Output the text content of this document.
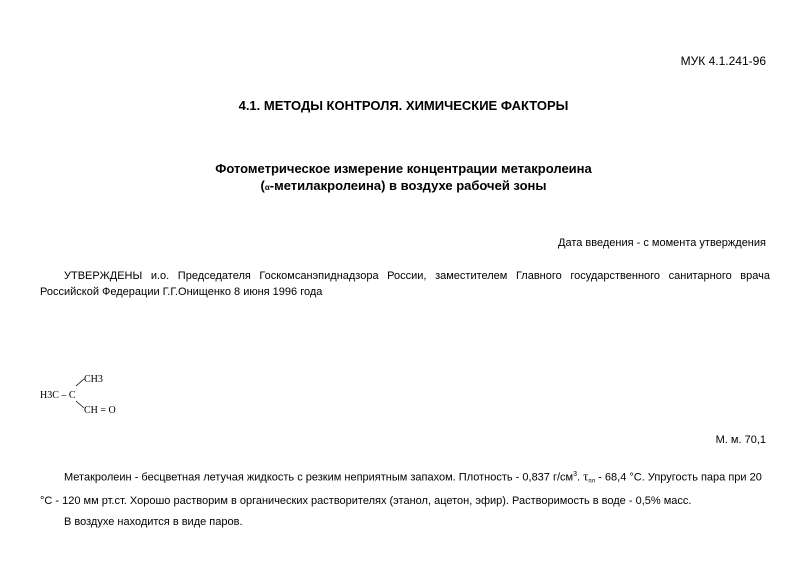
МУК 4.1.241-96
4.1. МЕТОДЫ КОНТРОЛЯ. ХИМИЧЕСКИЕ ФАКТОРЫ
Фотометрическое измерение концентрации метакролеина
(α-метилакролеина) в воздухе рабочей зоны
Дата введения - с момента утверждения
УТВЕРЖДЕНЫ и.о. Председателя Госкомсанэпиднадзора России, заместителем Главного государственного санитарного врача Российской Федерации Г.Г.Онищенко 8 июня 1996 года
CH3
H3C – C
CH = O
М. м. 70,1
Метакролеин - бесцветная летучая жидкость с резким неприятным запахом. Плотность - 0,837 $г/см^3$. τпл - 68,4 °C. Упругость пара при 20 °С - 120 мм рт.ст. Хорошо растворим в органических растворителях (этанол, ацетон, эфир). Растворимость в воде - 0,5% масс.
В воздухе находится в виде паров.
